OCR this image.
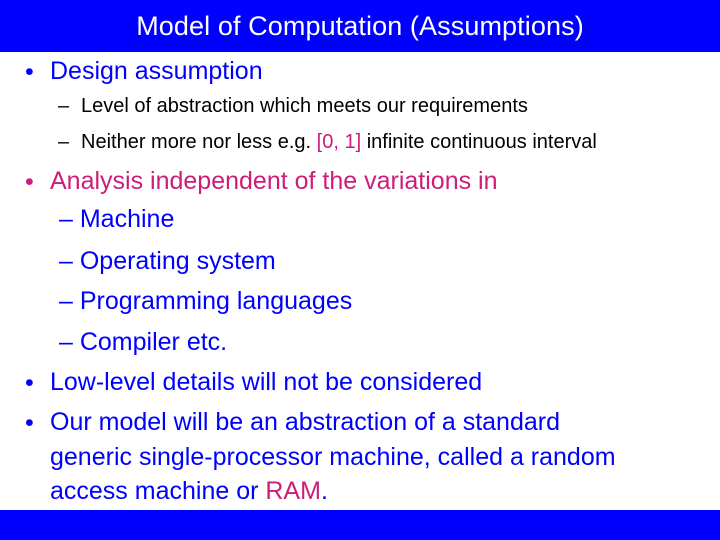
Model of Computation (Assumptions)
• Design assumption
– Level of abstraction which meets our requirements
– Neither more nor less e.g. [0, 1] infinite continuous interval
• Analysis independent of the variations in
– Machine
– Operating system
– Programming languages
– Compiler etc.
• Low-level details will not be considered
• Our model will be an abstraction of a standard
generic single-processor machine, called a random
access machine or RAM.
